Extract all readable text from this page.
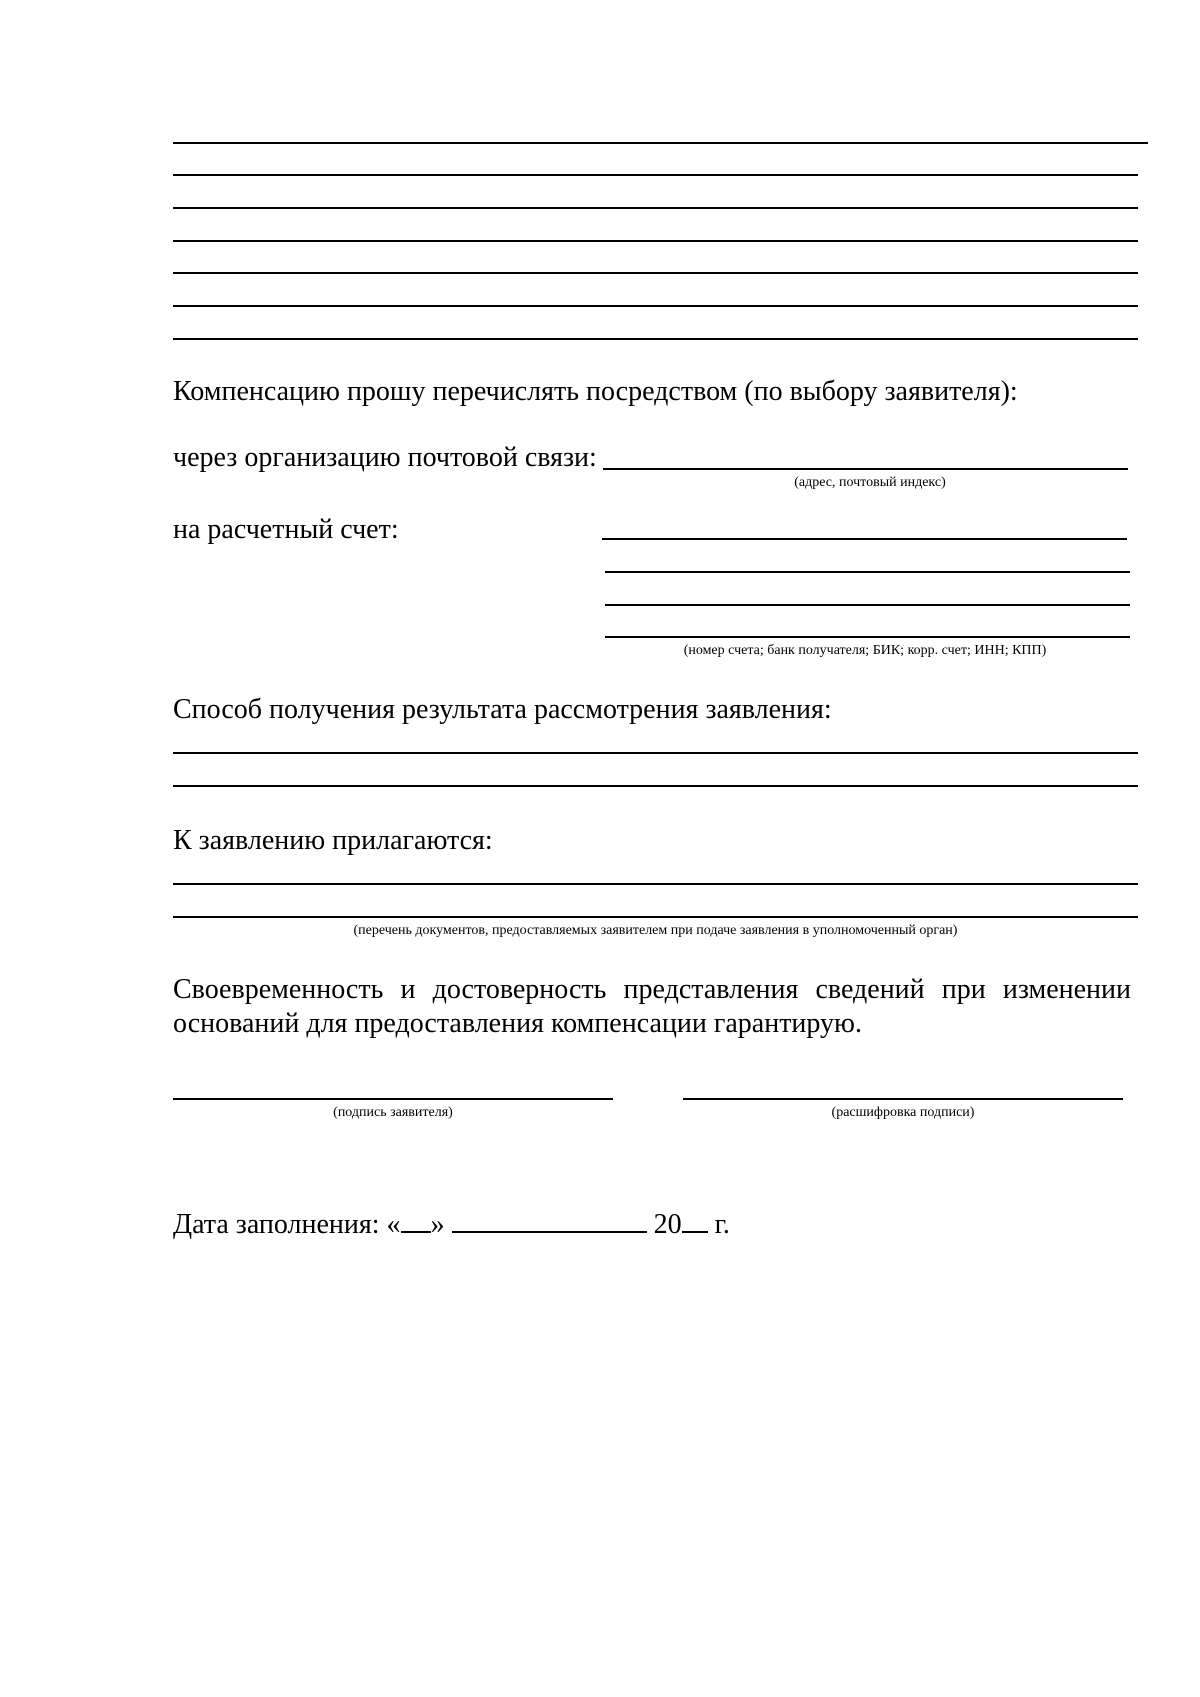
Компенсацию прошу перечислять посредством (по выбору заявителя):
через организацию почтовой связи:
(адрес, почтовый индекс)
на расчетный счет:
(номер счета; банк получателя; БИК; корр. счет; ИНН; КПП)
Способ получения результата рассмотрения заявления:
К заявлению прилагаются:
(перечень документов, предоставляемых заявителем при подаче заявления в уполномоченный орган)
Своевременность и достоверность представления сведений при изменении оснований для предоставления компенсации гарантирую.
(подпись заявителя)	(расшифровка подписи)
Дата заполнения: « »	20 г.
